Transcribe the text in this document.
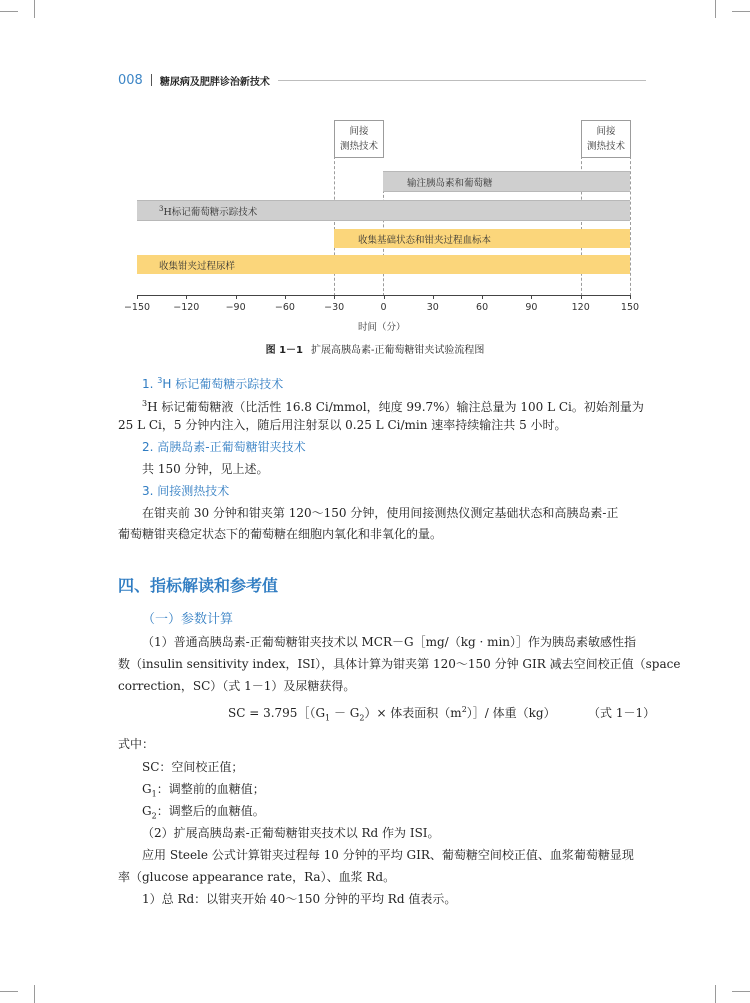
008 糖尿病及肥胖诊治新技术
间接
测热技术
间接
测热技术
输注胰岛素和葡萄糖
$^3$H标记葡萄糖示踪技术
收集基础状态和钳夹过程血标本
收集钳夹过程尿样
−150	−120	−90	−60	−30	0	30	60	90	120	150
时间（分）
图 1－1 扩展高胰岛素-正葡萄糖钳夹试验流程图
1. $^3$H 标记葡萄糖示踪技术
$^3$H 标记葡萄糖液（比活性 16.8 Ci/mmol，纯度 99.7%）输注总量为 100 L Ci。初始剂量为
25 L Ci，5 分钟内注入，随后用注射泵以 0.25 L Ci/min 速率持续输注共 5 小时。
2. 高胰岛素-正葡萄糖钳夹技术
共 150 分钟，见上述。
3. 间接测热技术
在钳夹前 30 分钟和钳夹第 120～150 分钟，使用间接测热仪测定基础状态和高胰岛素-正
葡萄糖钳夹稳定状态下的葡萄糖在细胞内氧化和非氧化的量。
四、指标解读和参考值
（一）参数计算
（1）普通高胰岛素-正葡萄糖钳夹技术以 MCR－G［mg/（kg · min）］作为胰岛素敏感性指
数（insulin sensitivity index，ISI），具体计算为钳夹第 120～150 分钟 GIR 减去空间校正值（space
correction，SC）（式 1－1）及尿糖获得。
SC = $3.795[(G_1 - G_2)\times$ 体表面积$(m^2)]/$ 体重（kg）	（式 1－1）
式中：
SC：空间校正值；
$G_1$：调整前的血糖值；
$G_2$：调整后的血糖值。
（2）扩展高胰岛素-正葡萄糖钳夹技术以 Rd 作为 ISI。
应用 Steele 公式计算钳夹过程每 10 分钟的平均 GIR、葡萄糖空间校正值、血浆葡萄糖显现
率（glucose appearance rate，Ra）、血浆 Rd。
1）总 Rd：以钳夹开始 40～150 分钟的平均 Rd 值表示。
